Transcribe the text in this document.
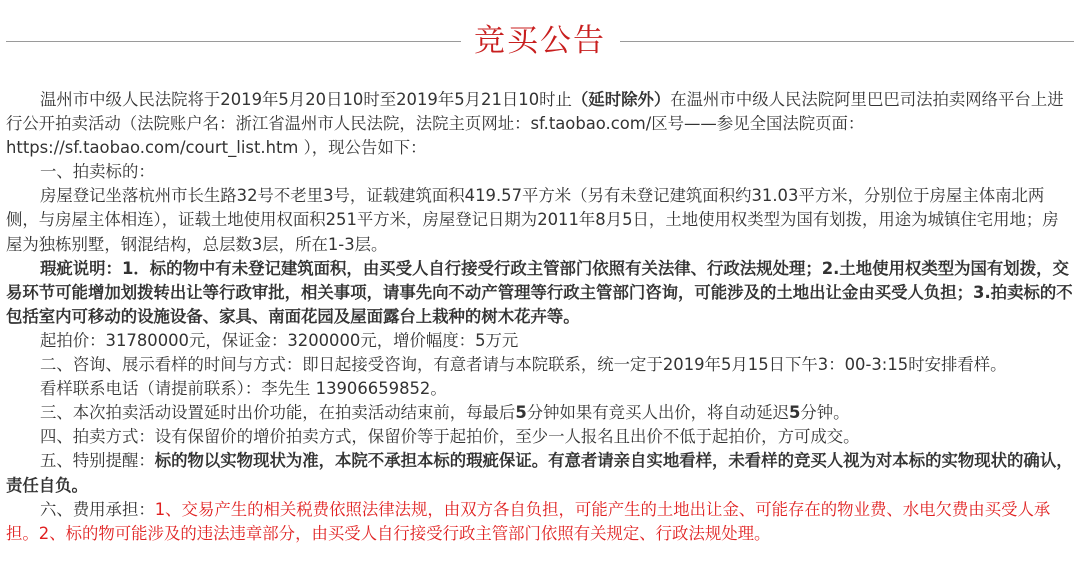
竞买公告

温州市中级人民法院将于2019年5月20日10时至2019年5月21日10时止（延时除外）在温州市中级人民法院阿里巴巴司法拍卖网络平台上进行公开拍卖活动（法院账户名：浙江省温州市人民法院，法院主页网址：sf.taobao.com/区号——参见全国法院页面：https://sf.taobao.com/court_list.htm ），现公告如下：

一、拍卖标的：

房屋登记坐落杭州市长生路32号不老里3号，证载建筑面积419.57平方米（另有未登记建筑面积约31.03平方米，分别位于房屋主体南北两侧，与房屋主体相连），证载土地使用权面积251平方米，房屋登记日期为2011年8月5日，土地使用权类型为国有划拨，用途为城镇住宅用地；房屋为独栋别墅，钢混结构，总层数3层，所在1-3层。

瑕疵说明：1．标的物中有未登记建筑面积，由买受人自行接受行政主管部门依照有关法律、行政法规处理；2.土地使用权类型为国有划拨，交易环节可能增加划拨转出让等行政审批，相关事项，请事先向不动产管理等行政主管部门咨询，可能涉及的土地出让金由买受人负担；3.拍卖标的不包括室内可移动的设施设备、家具、南面花园及屋面露台上栽种的树木花卉等。

起拍价：31780000元，保证金：3200000元，增价幅度：5万元

二、咨询、展示看样的时间与方式：即日起接受咨询，有意者请与本院联系，统一定于2019年5月15日下午3：00-3:15时安排看样。

看样联系电话（请提前联系）：李先生 13906659852。

三、本次拍卖活动设置延时出价功能，在拍卖活动结束前，每最后5分钟如果有竞买人出价，将自动延迟5分钟。

四、拍卖方式：设有保留价的增价拍卖方式，保留价等于起拍价，至少一人报名且出价不低于起拍价，方可成交。

五、特别提醒：标的物以实物现状为准，本院不承担本标的瑕疵保证。有意者请亲自实地看样，未看样的竞买人视为对本标的实物现状的确认，责任自负。

六、费用承担：1、交易产生的相关税费依照法律法规，由双方各自负担，可能产生的土地出让金、可能存在的物业费、水电欠费由买受人承担。2、标的物可能涉及的违法违章部分，由买受人自行接受行政主管部门依照有关规定、行政法规处理。
